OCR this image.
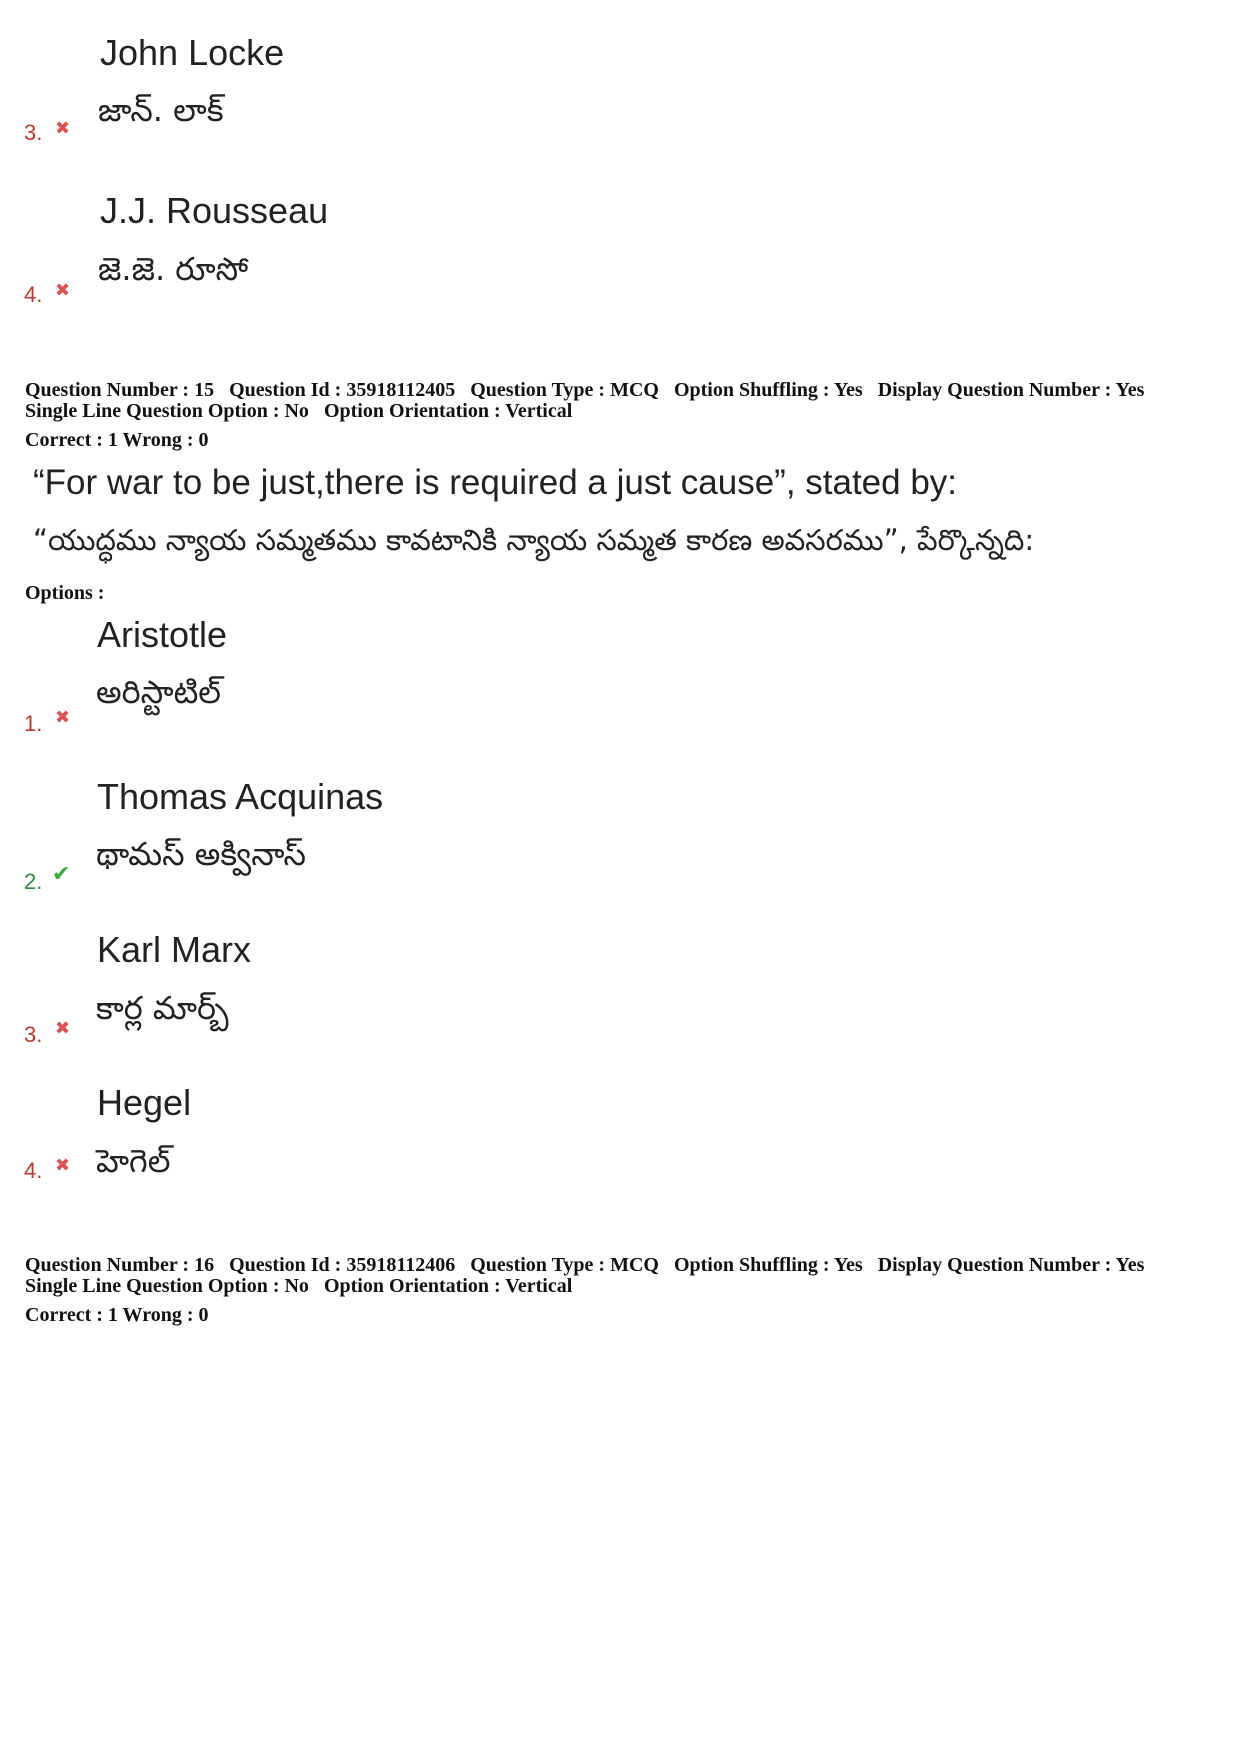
John Locke
జాన్. లాక్
3. ✖
J.J. Rousseau
జె.జె. రూసో
4. ✖
Question Number : 15 Question Id : 35918112405 Question Type : MCQ Option Shuffling : Yes Display Question Number : Yes
Single Line Question Option : No Option Orientation : Vertical
Correct : 1 Wrong : 0
“For war to be just,there is required a just cause”, stated by:
“యుద్ధము న్యాయ సమ్మతము కావటానికి న్యాయ సమ్మత కారణ అవసరము”, పేర్కొన్నది:
Options :
Aristotle
అరిస్టాటిల్
1. ✖
Thomas Acquinas
థామస్ అక్వినాస్
2. ✔
Karl Marx
కార్ల మార్బ్
3. ✖
Hegel
హెగెల్
4. ✖
Question Number : 16 Question Id : 35918112406 Question Type : MCQ Option Shuffling : Yes Display Question Number : Yes
Single Line Question Option : No Option Orientation : Vertical
Correct : 1 Wrong : 0
